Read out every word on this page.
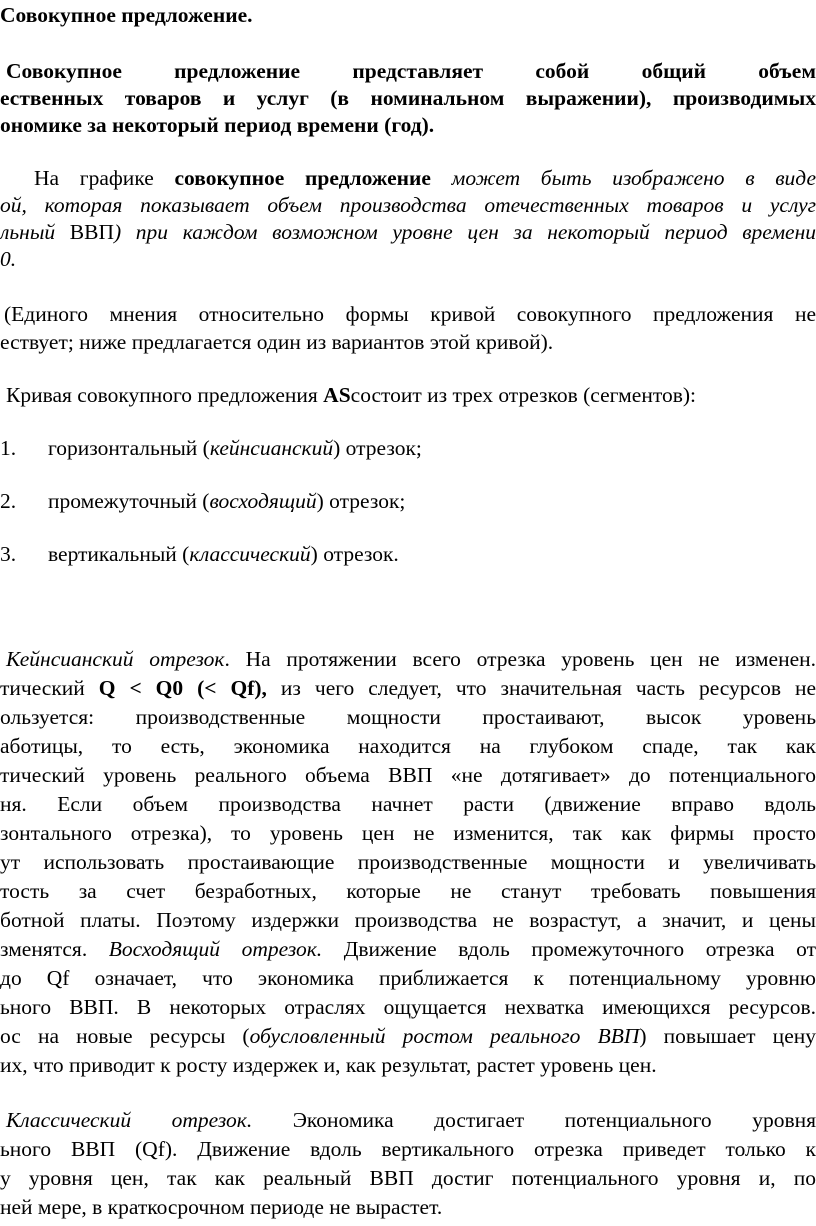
Совокупное предложение.
Совокупное предложение представляет собой общий объем
ественных товаров и услуг (в номинальном выражении), производимых
ономике за некоторый период времени (год).
На графике совокупное предложение может быть изображено в виде
ой, которая показывает объем производства отечественных товаров и услуг
льный ВВП) при каждом возможном уровне цен за некоторый период времени
0.
(Единого мнения относительно формы кривой совокупного предложения не
ествует; ниже предлагается один из вариантов этой кривой).
Кривая совокупного предложения ASсостоит из трех отрезков (сегментов):
1. горизонтальный (кейнсианский) отрезок;
2. промежуточный (восходящий) отрезок;
3. вертикальный (классический) отрезок.
Кейнсианский отрезок. На протяжении всего отрезка уровень цен не изменен.
тический Q < Q0 (< Qf), из чего следует, что значительная часть ресурсов не
ользуется: производственные мощности простаивают, высок уровень
аботицы, то есть, экономика находится на глубоком спаде, так как
тический уровень реального объема ВВП «не дотягивает» до потенциального
ня. Если объем производства начнет расти (движение вправо вдоль
зонтального отрезка), то уровень цен не изменится, так как фирмы просто
ут использовать простаивающие производственные мощности и увеличивать
тость за счет безработных, которые не станут требовать повышения
ботной платы. Поэтому издержки производства не возрастут, а значит, и цены
зменятся. Восходящий отрезок. Движение вдоль промежуточного отрезка от
до Qf означает, что экономика приближается к потенциальному уровню
ьного ВВП. В некоторых отраслях ощущается нехватка имеющихся ресурсов.
ос на новые ресурсы (обусловленный ростом реального ВВП) повышает цену
их, что приводит к росту издержек и, как результат, растет уровень цен.
Классический отрезок. Экономика достигает потенциального уровня
ьного ВВП (Qf). Движение вдоль вертикального отрезка приведет только к
у уровня цен, так как реальный ВВП достиг потенциального уровня и, по
ней мере, в краткосрочном периоде не вырастет.
